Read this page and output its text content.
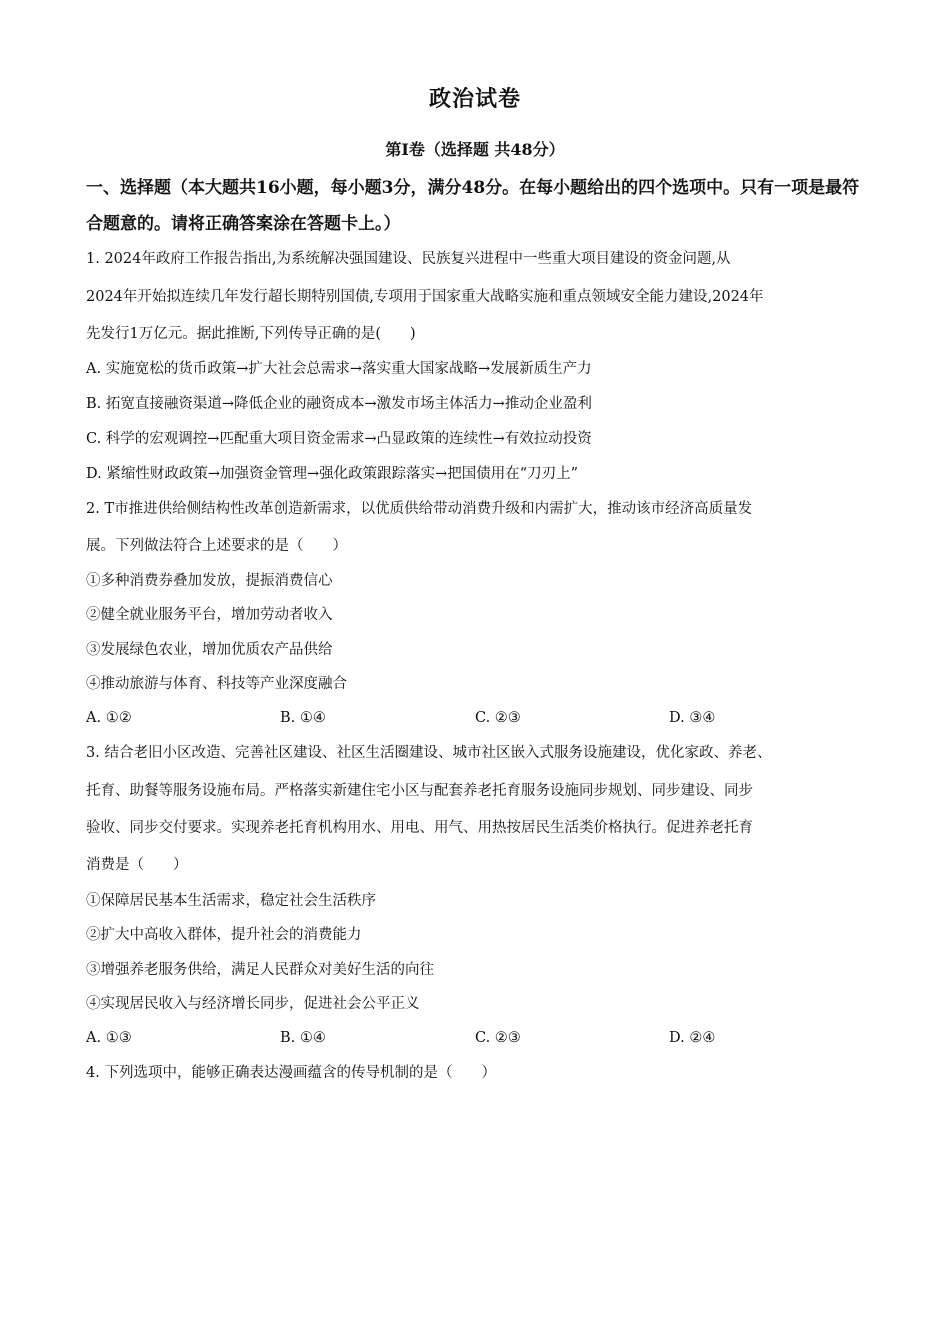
政治试卷
第Ⅰ卷（选择题 共48分）
一、选择题（本大题共16小题，每小题3分，满分48分。在每小题给出的四个选项中。只有一项是最符合题意的。请将正确答案涂在答题卡上。）
1. 2024年政府工作报告指出,为系统解决强国建设、民族复兴进程中一些重大项目建设的资金问题,从
2024年开始拟连续几年发行超长期特别国债,专项用于国家重大战略实施和重点领域安全能力建设,2024年
先发行1万亿元。据此推断,下列传导正确的是(　　)
A. 实施宽松的货币政策→扩大社会总需求→落实重大国家战略→发展新质生产力
B. 拓宽直接融资渠道→降低企业的融资成本→激发市场主体活力→推动企业盈利
C. 科学的宏观调控→匹配重大项目资金需求→凸显政策的连续性→有效拉动投资
D. 紧缩性财政政策→加强资金管理→强化政策跟踪落实→把国债用在“刀刃上”
2. T市推进供给侧结构性改革创造新需求，以优质供给带动消费升级和内需扩大，推动该市经济高质量发
展。下列做法符合上述要求的是（　　）
①多种消费券叠加发放，提振消费信心
②健全就业服务平台，增加劳动者收入
③发展绿色农业，增加优质农产品供给
④推动旅游与体育、科技等产业深度融合
A. ①②	B. ①④	C. ②③	D. ③④
3. 结合老旧小区改造、完善社区建设、社区生活圈建设、城市社区嵌入式服务设施建设，优化家政、养老、
托育、助餐等服务设施布局。严格落实新建住宅小区与配套养老托育服务设施同步规划、同步建设、同步
验收、同步交付要求。实现养老托育机构用水、用电、用气、用热按居民生活类价格执行。促进养老托育
消费是（　　）
①保障居民基本生活需求，稳定社会生活秩序
②扩大中高收入群体，提升社会的消费能力
③增强养老服务供给，满足人民群众对美好生活的向往
④实现居民收入与经济增长同步，促进社会公平正义
A. ①③	B. ①④	C. ②③	D. ②④
4. 下列选项中，能够正确表达漫画蕴含的传导机制的是（　　）
